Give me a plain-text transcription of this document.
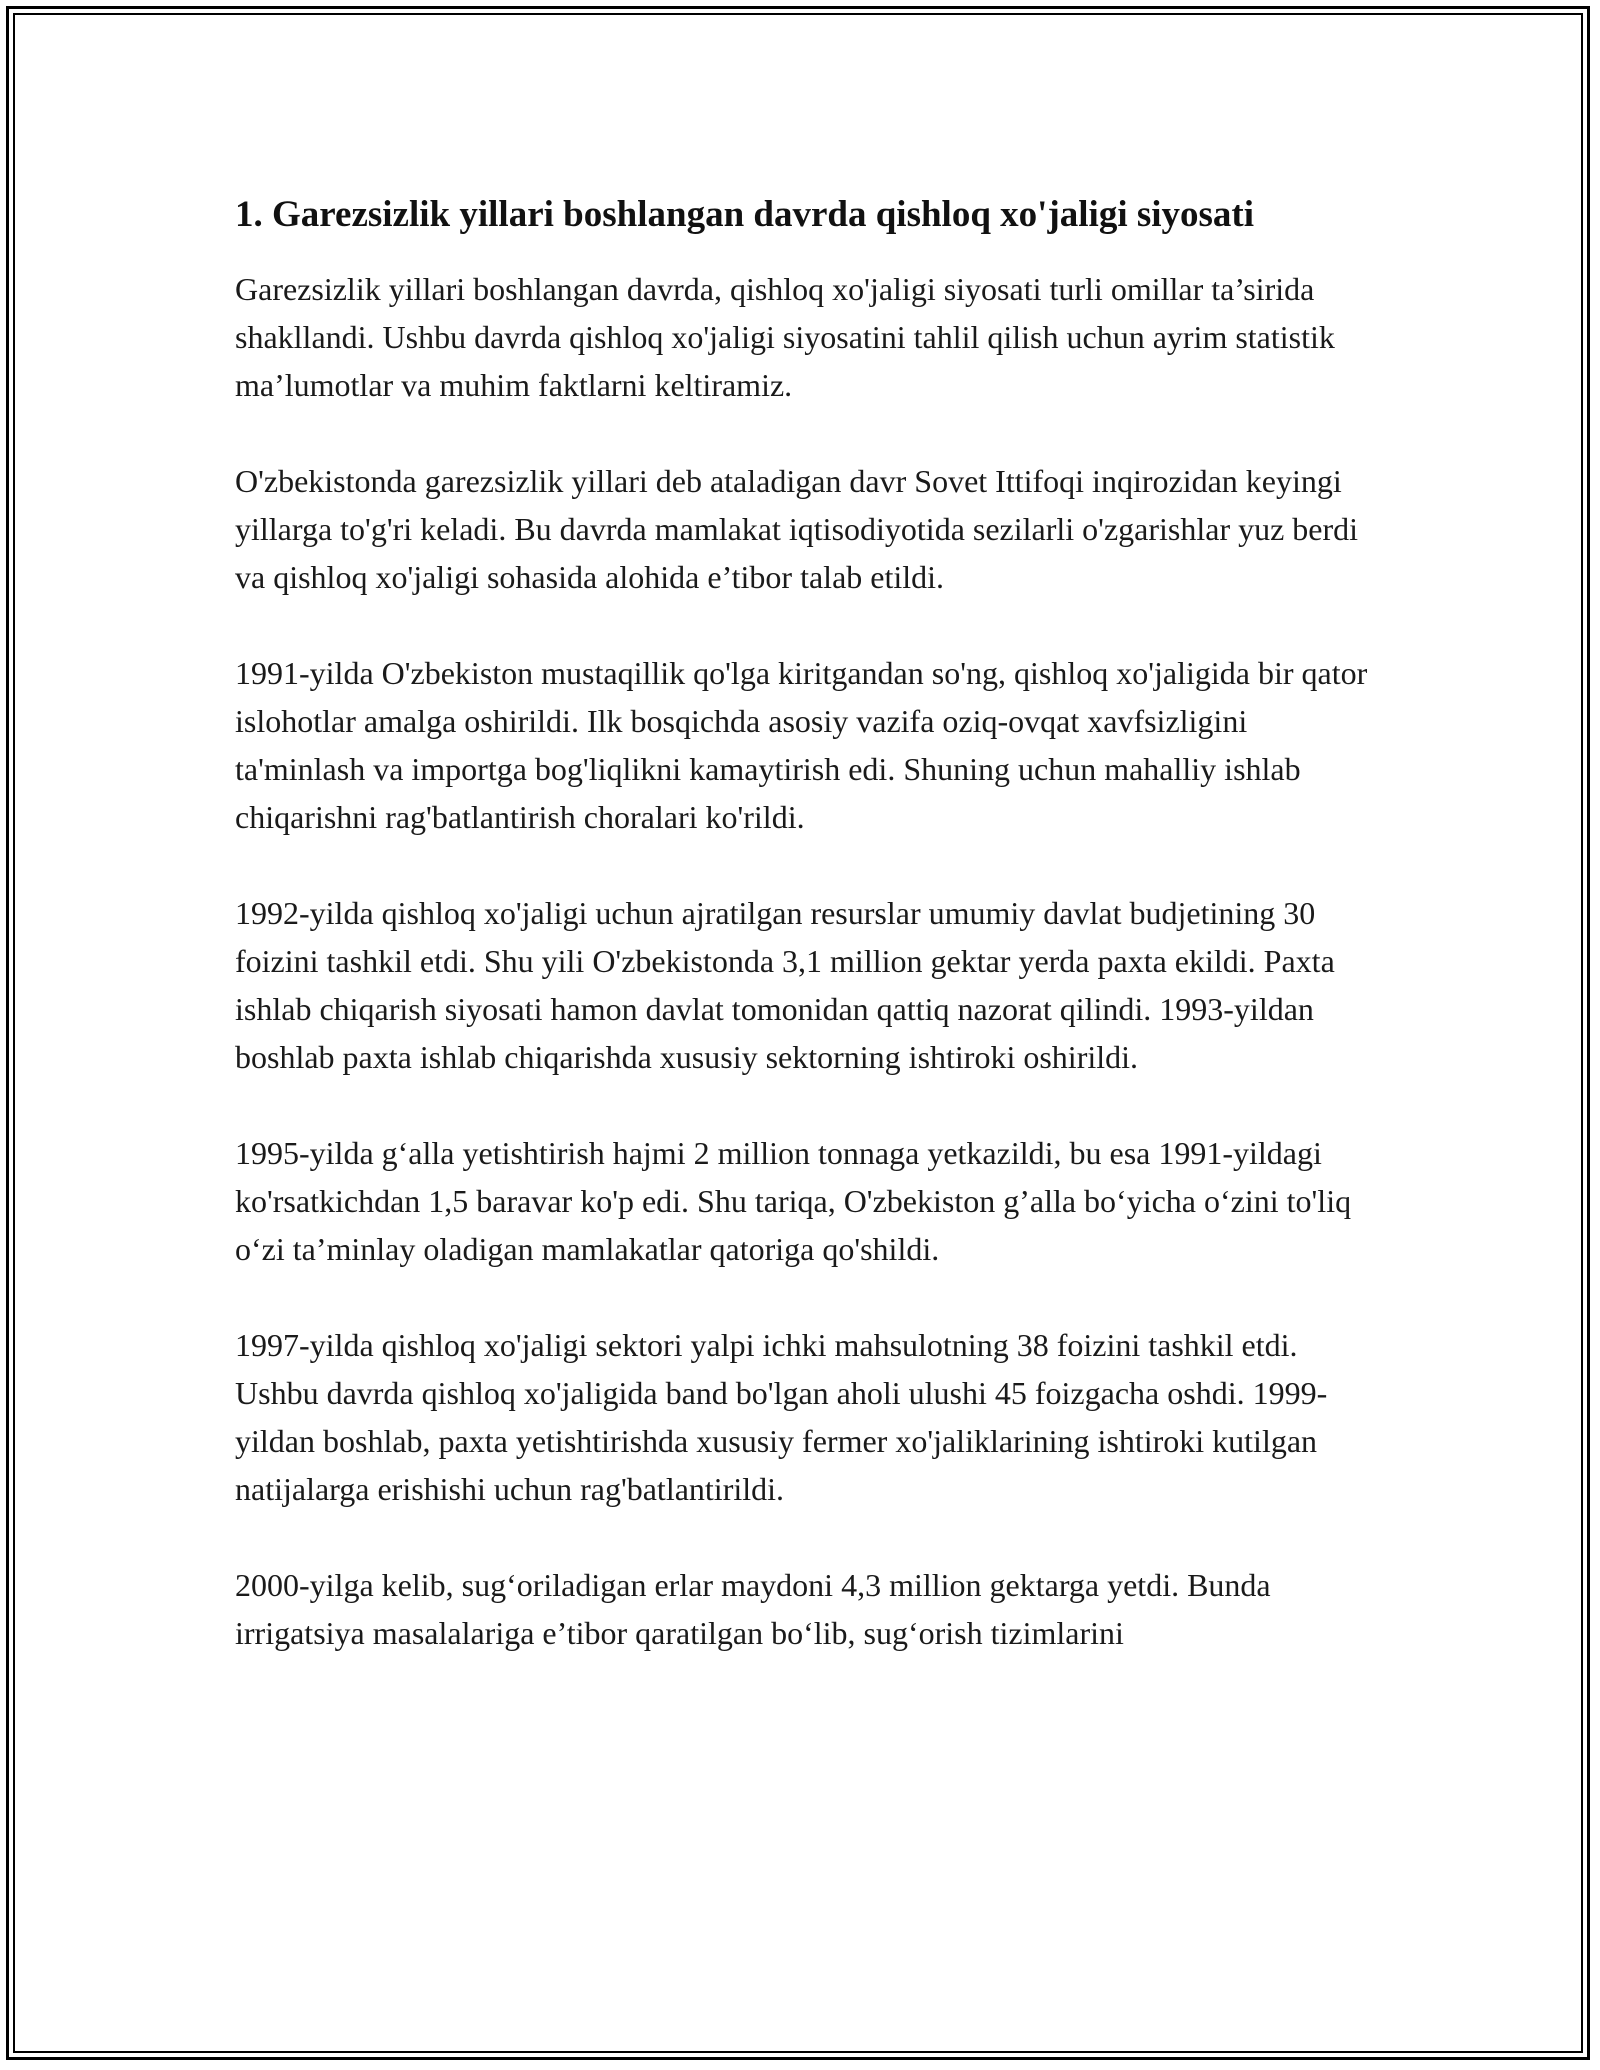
1. Garezsizlik yillari boshlangan davrda qishloq xo'jaligi siyosati

Garezsizlik yillari boshlangan davrda, qishloq xo'jaligi siyosati turli omillar ta’sirida shakllandi. Ushbu davrda qishloq xo'jaligi siyosatini tahlil qilish uchun ayrim statistik ma’lumotlar va muhim faktlarni keltiramiz.

O'zbekistonda garezsizlik yillari deb ataladigan davr Sovet Ittifoqi inqirozidan keyingi yillarga to'g'ri keladi. Bu davrda mamlakat iqtisodiyotida sezilarli o'zgarishlar yuz berdi va qishloq xo'jaligi sohasida alohida e’tibor talab etildi.

1991-yilda O'zbekiston mustaqillik qo'lga kiritgandan so'ng, qishloq xo'jaligida bir qator islohotlar amalga oshirildi. Ilk bosqichda asosiy vazifa oziq-ovqat xavfsizligini ta'minlash va importga bog'liqlikni kamaytirish edi. Shuning uchun mahalliy ishlab chiqarishni rag'batlantirish choralari ko'rildi.

1992-yilda qishloq xo'jaligi uchun ajratilgan resurslar umumiy davlat budjetining 30 foizini tashkil etdi. Shu yili O'zbekistonda 3,1 million gektar yerda paxta ekildi. Paxta ishlab chiqarish siyosati hamon davlat tomonidan qattiq nazorat qilindi. 1993-yildan boshlab paxta ishlab chiqarishda xususiy sektorning ishtiroki oshirildi.

1995-yilda g‘alla yetishtirish hajmi 2 million tonnaga yetkazildi, bu esa 1991-yildagi ko'rsatkichdan 1,5 baravar ko'p edi. Shu tariqa, O'zbekiston g’alla bo‘yicha o‘zini to'liq o‘zi ta’minlay oladigan mamlakatlar qatoriga qo'shildi.

1997-yilda qishloq xo'jaligi sektori yalpi ichki mahsulotning 38 foizini tashkil etdi. Ushbu davrda qishloq xo'jaligida band bo'lgan aholi ulushi 45 foizgacha oshdi. 1999-yildan boshlab, paxta yetishtirishda xususiy fermer xo'jaliklarining ishtiroki kutilgan natijalarga erishishi uchun rag'batlantirildi.

2000-yilga kelib, sug‘oriladigan erlar maydoni 4,3 million gektarga yetdi. Bunda irrigatsiya masalalariga e’tibor qaratilgan bo‘lib, sug‘orish tizimlarini
